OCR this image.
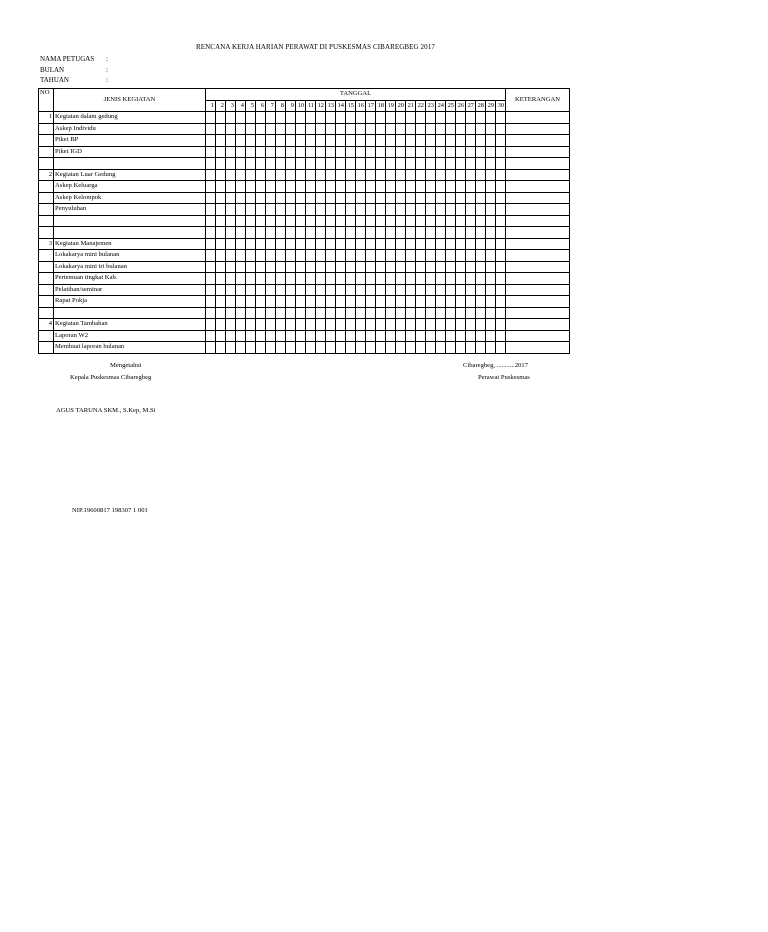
RENCANA KERJA HARIAN PERAWAT DI PUSKESMAS CIBAREGBEG 2017
NAMA PETUGAS :
BULAN	:
TAHUAN	:
NO	JENIS KEGIATAN	TANGGAL																														KETERANGAN
		1	2	3	4	5	6	7	8	9	10	11	12	13	14	15	16	17	18	19	20	21	22	23	24	25	26	27	28	29	30	
1	Kegiatan dalam gedung																															
	Askep Individu																															
	Piket BP																															
	Piket IGD																															

2	Kegiatan Luar Gedung																															
	Askep Keluarga																															
	Askep Kelompok																															
	Penyuluhan																															

3	Kegiatan Manajemen																															
	Lokakarya mini bulanan																															
	Lokakarya mini tri bulanan																															
	Pertemuan tingkat Kab.																															
	Pelatihan/seminar																															
	Rapat Pokja																															

4	Kegiatan Tambahan																															
	Laporan W2																															
	Membuat laporan bulanan																															
Mengetahui
Kepala Puskesmas Cibaregbeg
Cibaregbeg, ...........2017
Perawat Puskesmas
AGUS TARUNA SKM., S.Kep, M.Si
NIP.19600817 198307 1 001
